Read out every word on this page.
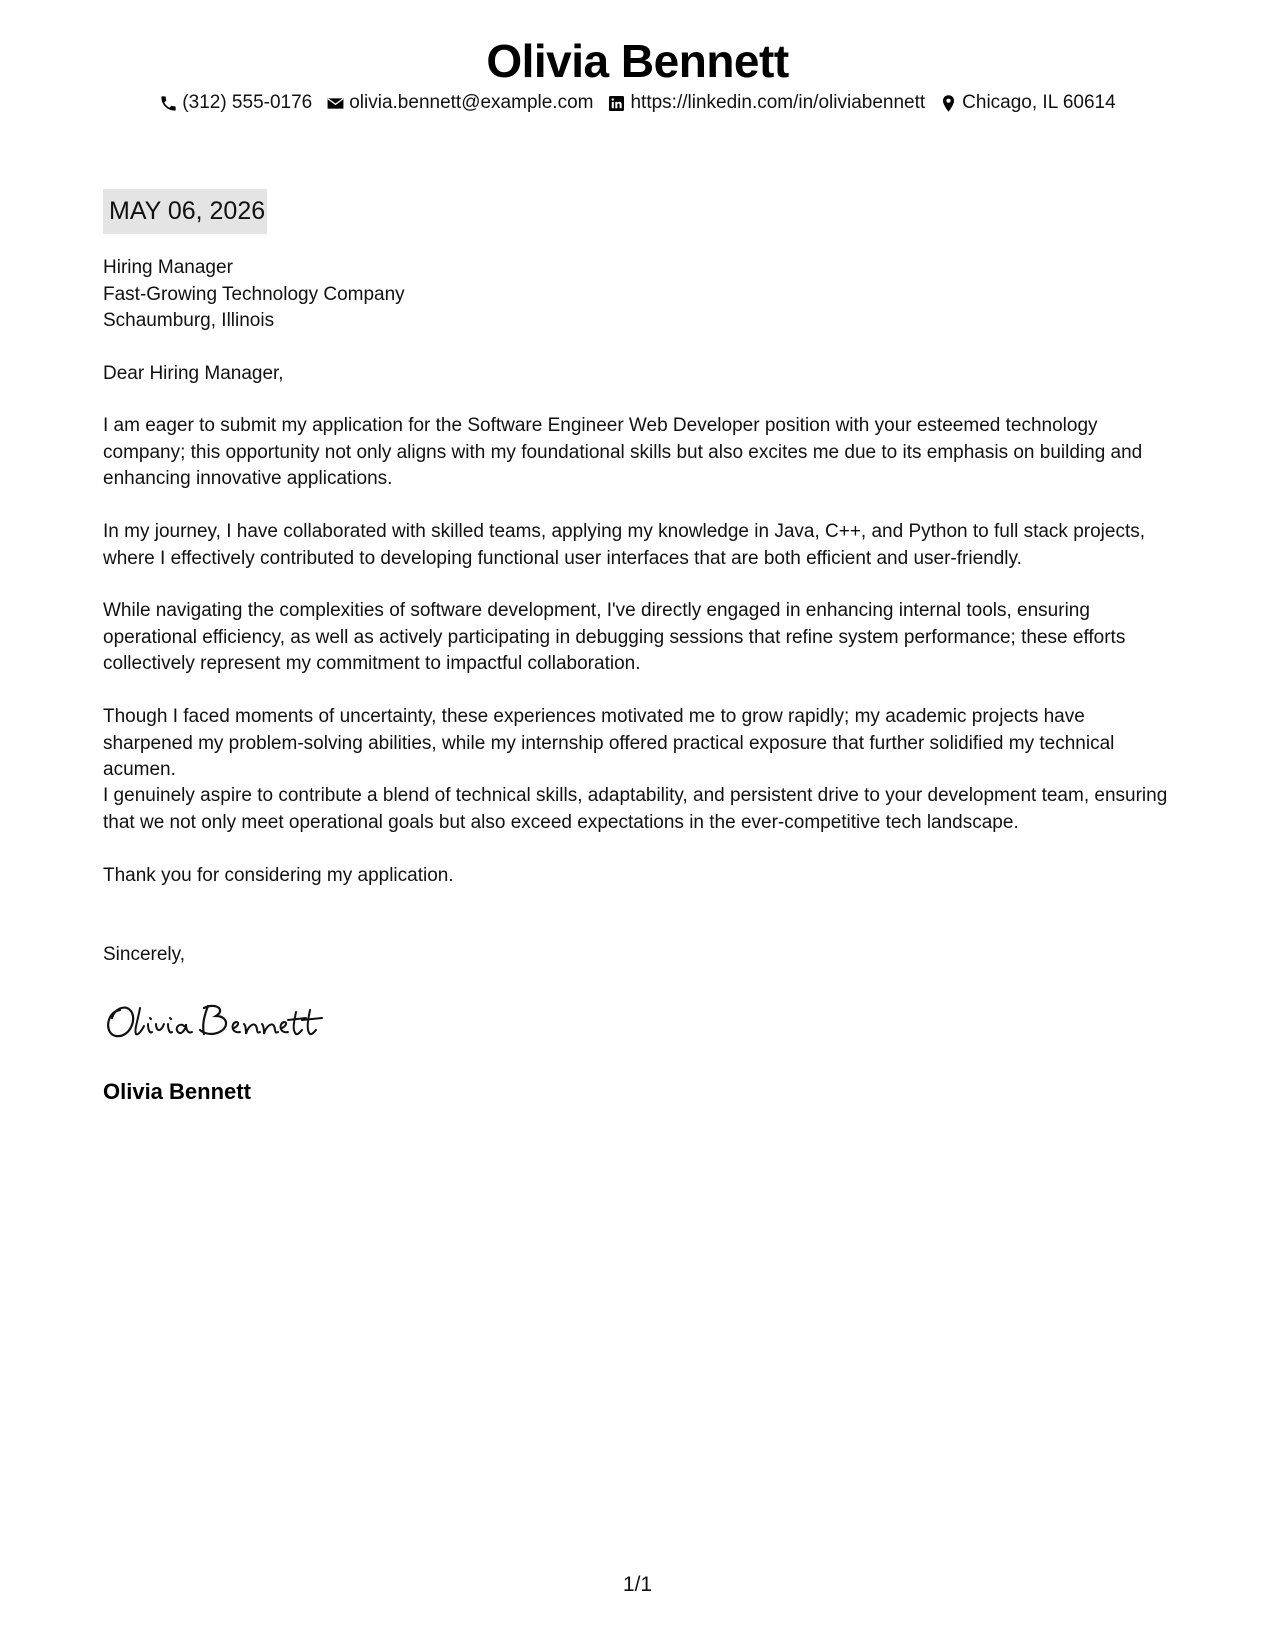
Olivia Bennett
(312) 555-0176 olivia.bennett@example.com https://linkedin.com/in/oliviabennett Chicago, IL 60614
MAY 06, 2026
Hiring Manager
Fast-Growing Technology Company
Schaumburg, Illinois
Dear Hiring Manager,

I am eager to submit my application for the Software Engineer Web Developer position with your esteemed technology company; this opportunity not only aligns with my foundational skills but also excites me due to its emphasis on building and enhancing innovative applications.

In my journey, I have collaborated with skilled teams, applying my knowledge in Java, C++, and Python to full stack projects, where I effectively contributed to developing functional user interfaces that are both efficient and user-friendly.

While navigating the complexities of software development, I've directly engaged in enhancing internal tools, ensuring operational efficiency, as well as actively participating in debugging sessions that refine system performance; these efforts collectively represent my commitment to impactful collaboration.

Though I faced moments of uncertainty, these experiences motivated me to grow rapidly; my academic projects have sharpened my problem-solving abilities, while my internship offered practical exposure that further solidified my technical acumen.

I genuinely aspire to contribute a blend of technical skills, adaptability, and persistent drive to your development team, ensuring that we not only meet operational goals but also exceed expectations in the ever-competitive tech landscape.

Thank you for considering my application.

Sincerely,
Olivia Bennett
1/1
